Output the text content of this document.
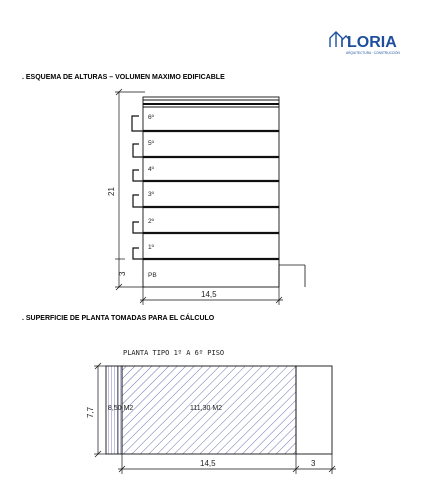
LORIA
ARQUITECTURA · CONSTRUCCIÓN
. ESQUEMA DE ALTURAS – VOLUMEN MAXIMO EDIFICABLE
6º
5º
4º
3º
2º
1º
PB
21
3
14,5
. SUPERFICIE DE PLANTA TOMADAS PARA EL CÁLCULO
PLANTA TIPO 1º A 6º PISO
8,50 M2	111,30 M2
7,7
14,5	3
